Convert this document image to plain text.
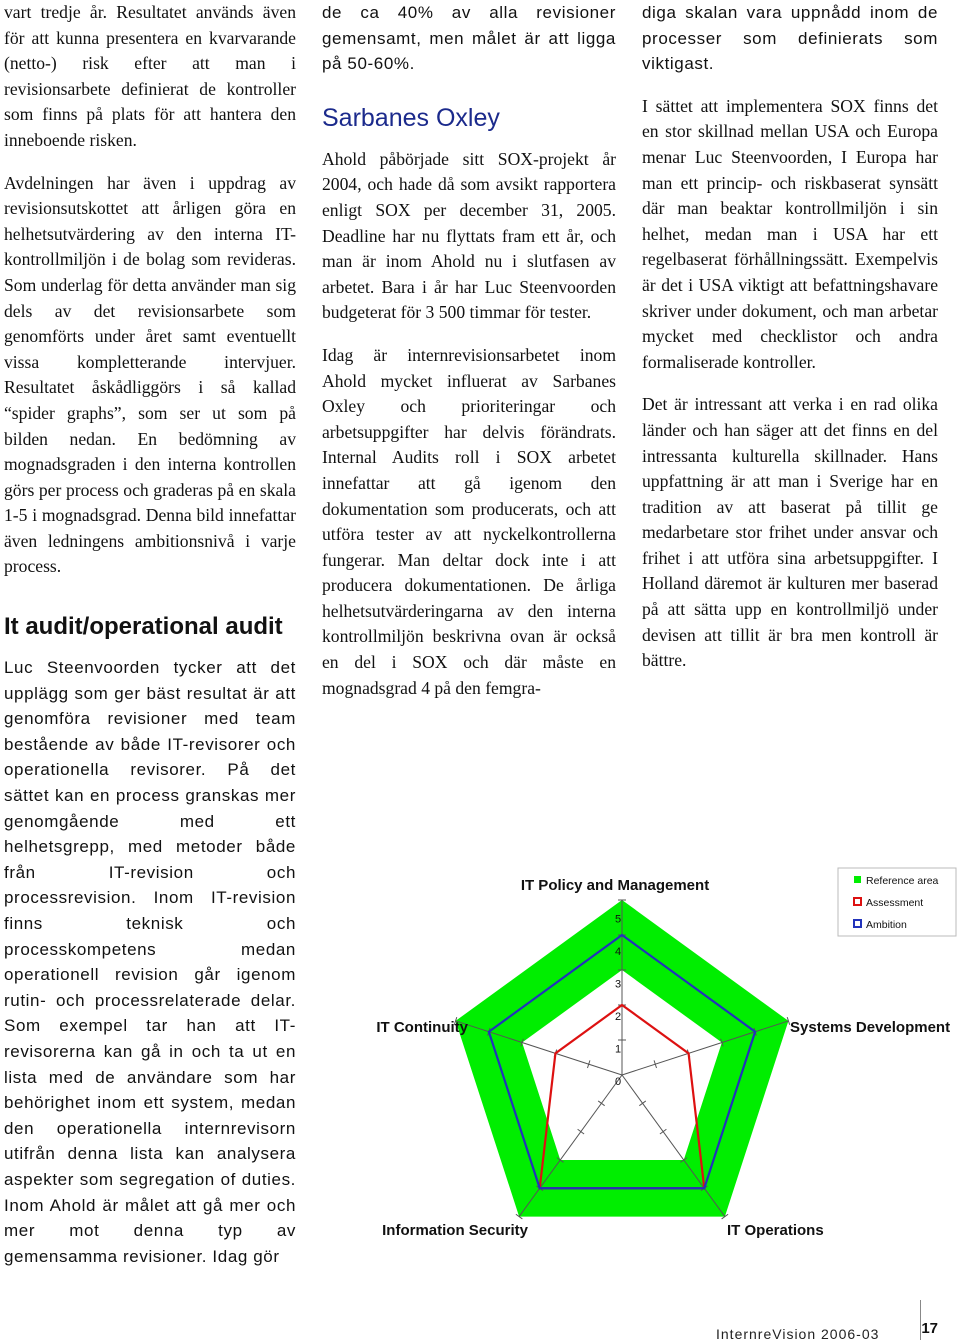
vart tredje år. Resultatet används även för att kunna presentera en kvarvarande (netto-) risk efter att man i revisionsarbete definierat de kontroller som finns på plats för att hantera den inneboende risken.

Avdelningen har även i uppdrag av revisionsutskottet att årligen göra en helhetsutvärdering av den interna IT-kontrollmiljön i de bolag som revideras. Som underlag för detta använder man sig dels av det revisionsarbete som genomförts under året samt eventuellt vissa kompletterande intervjuer. Resultatet åskådliggörs i så kallad “spider graphs”, som ser ut som på bilden nedan. En bedömning av mognadsgraden i den interna kontrollen görs per process och graderas på en skala 1-5 i mognadsgrad. Denna bild innefattar även ledningens ambitionsnivå i varje process.

It audit/operational audit

Luc Steenvoorden tycker att det upplägg som ger bäst resultat är att genomföra revisioner med team bestående av både IT-revisorer och operationella revisorer. På det sättet kan en process granskas mer genomgående med ett helhetsgrepp, med metoder både från IT-revision och processrevision. Inom IT-revision finns teknisk och processkompetens medan operationell revision går igenom rutin- och processrelaterade delar. Som exempel tar han att IT-revisorerna kan gå in och ta ut en lista med de användare som har behörighet inom ett system, medan den operationella internrevisorn utifrån denna lista kan analysera aspekter som segregation of duties. Inom Ahold är målet att gå mer och mer mot denna typ av gemensamma revisioner. Idag gör

de ca 40% av alla revisioner gemensamt, men målet är att ligga på 50-60%.

Sarbanes Oxley

Ahold påbörjade sitt SOX-projekt år 2004, och hade då som avsikt rapportera enligt SOX per december 31, 2005. Deadline har nu flyttats fram ett år, och man är inom Ahold nu i slutfasen av arbetet. Bara i år har Luc Steenvoorden budgeterat för 3 500 timmar för tester.

Idag är internrevisionsarbetet inom Ahold mycket influerat av Sarbanes Oxley och prioriteringar och arbetsuppgifter har delvis förändrats. Internal Audits roll i SOX arbetet innefattar att gå igenom den dokumentation som producerats, och att utföra tester av att nyckelkontrollerna fungerar. Man deltar dock inte i att producera dokumentationen. De årliga helhetsutvärderingarna av den interna kontrollmiljön beskrivna ovan är också en del i SOX och där måste en mognadsgrad 4 på den femgra-

diga skalan vara uppnådd inom de processer som definierats som viktigast.

I sättet att implementera SOX finns det en stor skillnad mellan USA och Europa menar Luc Steenvoorden, I Europa har man ett princip- och riskbaserat synsätt där man beaktar kontrollmiljön i sin helhet, medan man i USA har ett regelbaserat förhållningssätt. Exempelvis är det i USA viktigt att befattningshavare skriver under dokument, och man arbetar mycket med checklistor och andra formaliserade kontroller.

Det är intressant att verka i en rad olika länder och han säger att det finns en del intressanta kulturella skillnader. Hans uppfattning är att man i Sverige har en tradition av att baserat på tillit ge medarbetare stor frihet under ansvar och frihet i att utföra sina arbetsuppgifter. I Holland däremot är kulturen mer baserad på att sätta upp en kontrollmiljö under devisen att tillit är bra men kontroll är bättre.

0
1
2
3
4
5
IT Policy and Management
Systems Development
IT Operations
Information Security
IT Continuity
Reference area
Assessment
Ambition
InternreVision 2006-03	17
